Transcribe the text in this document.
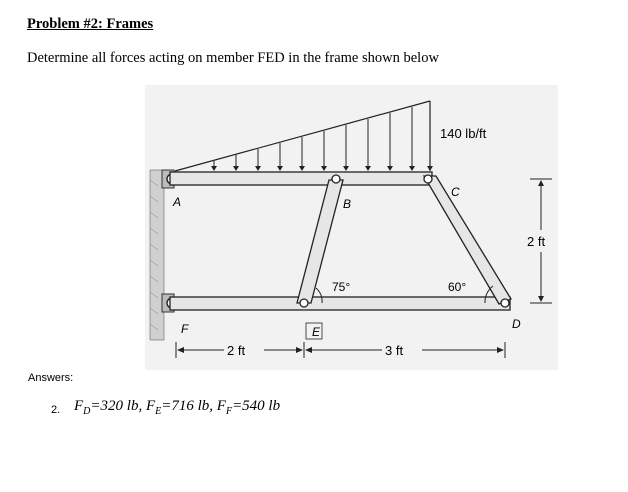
Problem #2: Frames
Determine all forces acting on member FED in the frame shown below
140 lb/ft
A	B
C
D
E
F
75°	60°
2 ft
2 ft	3 ft
Answers:
2. $F_D=320$ lb, $F_E=716$ lb, $F_F=540$ lb
